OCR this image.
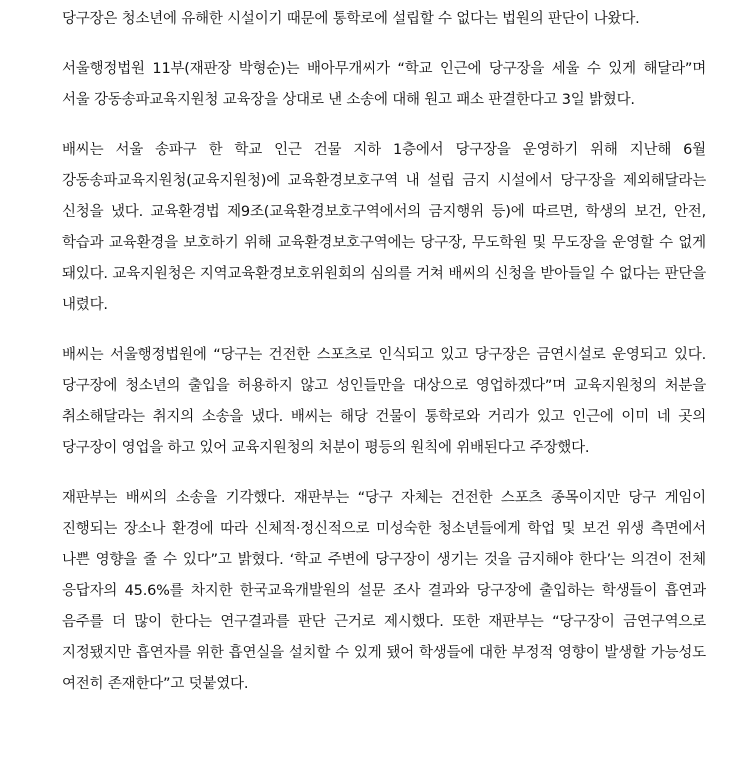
당구장은 청소년에 유해한 시설이기 때문에 통학로에 설립할 수 없다는 법원의 판단이 나왔다.

서울행정법원 11부(재판장 박형순)는 배아무개씨가 “학교 인근에 당구장을 세울 수 있게 해달라”며 서울 강동송파교육지원청 교육장을 상대로 낸 소송에 대해 원고 패소 판결한다고 3일 밝혔다.

배씨는 서울 송파구 한 학교 인근 건물 지하 1층에서 당구장을 운영하기 위해 지난해 6월 강동송파교육지원청(교육지원청)에 교육환경보호구역 내 설립 금지 시설에서 당구장을 제외해달라는 신청을 냈다. 교육환경법 제9조(교육환경보호구역에서의 금지행위 등)에 따르면, 학생의 보건, 안전, 학습과 교육환경을 보호하기 위해 교육환경보호구역에는 당구장, 무도학원 및 무도장을 운영할 수 없게 돼있다. 교육지원청은 지역교육환경보호위원회의 심의를 거쳐 배씨의 신청을 받아들일 수 없다는 판단을 내렸다.

배씨는 서울행정법원에 “당구는 건전한 스포츠로 인식되고 있고 당구장은 금연시설로 운영되고 있다. 당구장에 청소년의 출입을 허용하지 않고 성인들만을 대상으로 영업하겠다”며 교육지원청의 처분을 취소해달라는 취지의 소송을 냈다. 배씨는 해당 건물이 통학로와 거리가 있고 인근에 이미 네 곳의 당구장이 영업을 하고 있어 교육지원청의 처분이 평등의 원칙에 위배된다고 주장했다.

재판부는 배씨의 소송을 기각했다. 재판부는 “당구 자체는 건전한 스포츠 종목이지만 당구 게임이 진행되는 장소나 환경에 따라 신체적·정신적으로 미성숙한 청소년들에게 학업 및 보건 위생 측면에서 나쁜 영향을 줄 수 있다”고 밝혔다. ‘학교 주변에 당구장이 생기는 것을 금지해야 한다’는 의견이 전체 응답자의 45.6%를 차지한 한국교육개발원의 설문 조사 결과와 당구장에 출입하는 학생들이 흡연과 음주를 더 많이 한다는 연구결과를 판단 근거로 제시했다. 또한 재판부는 “당구장이 금연구역으로 지정됐지만 흡연자를 위한 흡연실을 설치할 수 있게 됐어 학생들에 대한 부정적 영향이 발생할 가능성도 여전히 존재한다”고 덧붙였다.
